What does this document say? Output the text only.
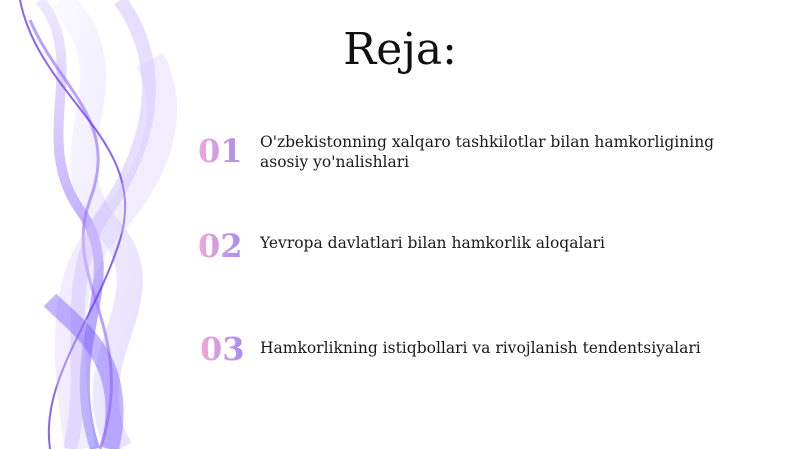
Reja:
01 O'zbekistonning xalqaro tashkilotlar bilan hamkorligining asosiy yo'nalishlari
02 Yevropa davlatlari bilan hamkorlik aloqalari
03 Hamkorlikning istiqbollari va rivojlanish tendentsiyalari
